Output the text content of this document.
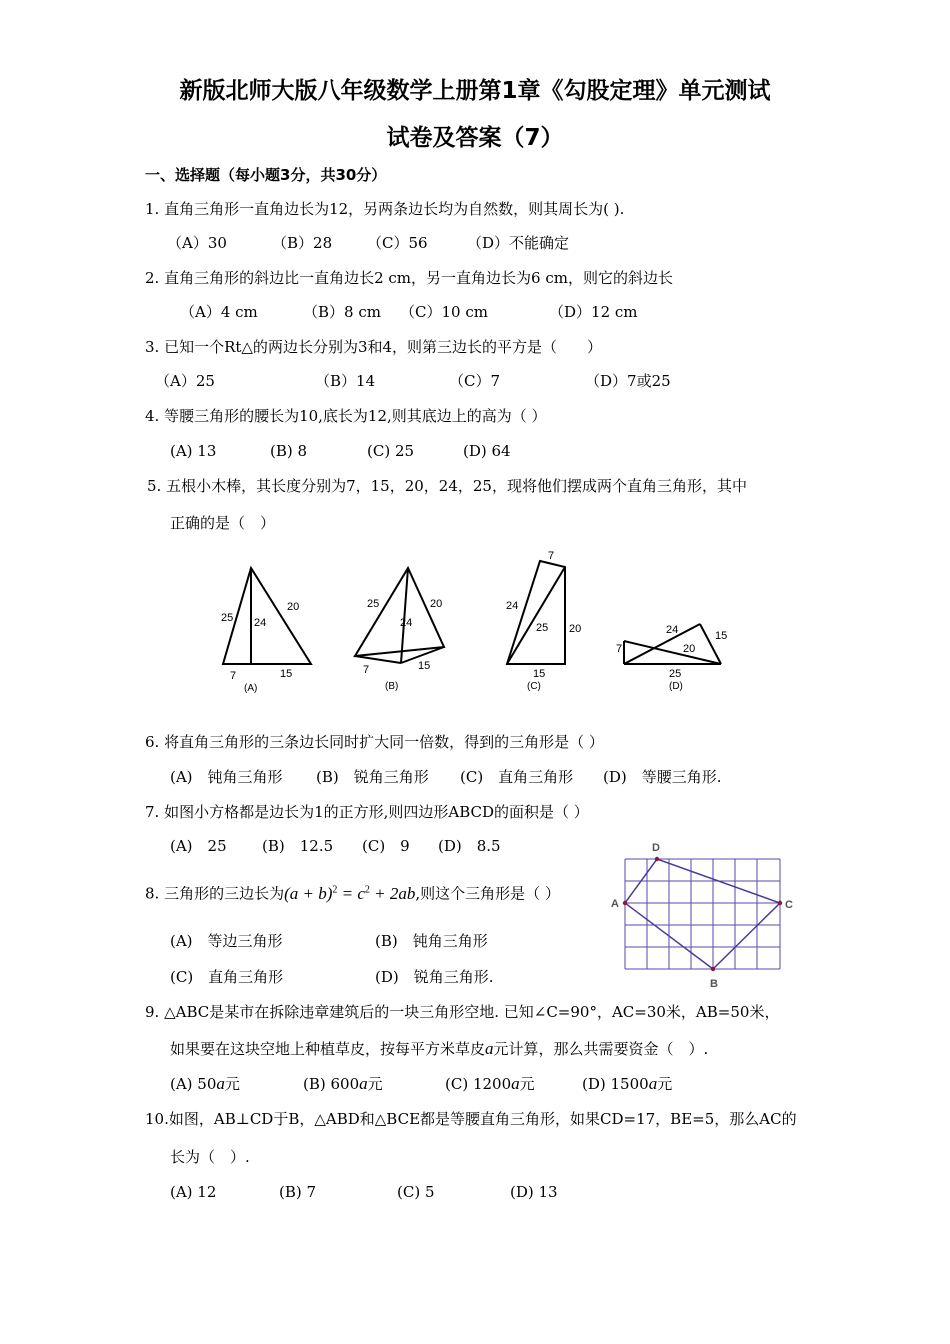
新版北师大版八年级数学上册第1章《勾股定理》单元测试
试卷及答案（7）
一、选择题（每小题3分，共30分）
1. 直角三角形一直角边长为12，另两条边长均为自然数，则其周长为( ).
（A）30	（B）28 （C）56	（D）不能确定
2. 直角三角形的斜边比一直角边长2 cm，另一直角边长为6 cm，则它的斜边长
（A）4 cm	（B）8 cm （C）10 cm	（D）12 cm
3. 已知一个Rt△的两边长分别为3和4，则第三边长的平方是（　　）
（A）25	（B）14	（C）7	（D）7或25
4. 等腰三角形的腰长为10,底长为12,则其底边上的高为（ ）
(A) 13	(B) 8	(C) 25	(D) 64
5. 五根小木棒，其长度分别为7，15，20，24，25，现将他们摆成两个直角三角形，其中
正确的是（　）
25 24
20
7	15
(A)
25
24
20
7	15
(B)
7
24
25 20
15
(C)
7
24
20
15
25
(D)
6. 将直角三角形的三条边长同时扩大同一倍数，得到的三角形是（ ）
(A)　钝角三角形 (B)　锐角三角形 (C)　直角三角形 (D)　等腰三角形.
7. 如图小方格都是边长为1的正方形,则四边形ABCD的面积是（ ）
(A)　25 (B)　12.5 (C)　9 (D)　8.5
A
D
C
B
8. 三角形的三边长为$(a + b)^2 = c^2 + 2ab$,则这个三角形是（ ）
(A)　等边三角形	(B)　钝角三角形
(C)　直角三角形	(D)　锐角三角形.
9. △ABC是某市在拆除违章建筑后的一块三角形空地. 已知∠C=90°，AC=30米，AB=50米，
如果要在这块空地上种植草皮，按每平方米草皮a元计算，那么共需要资金（　）.
(A) 50a元	(B) 600a元	(C) 1200a元	(D) 1500a元
10.如图，AB⊥CD于B，△ABD和△BCE都是等腰直角三角形，如果CD=17，BE=5，那么AC的
长为（　）.
(A) 12	(B) 7	(C) 5	(D) 13
